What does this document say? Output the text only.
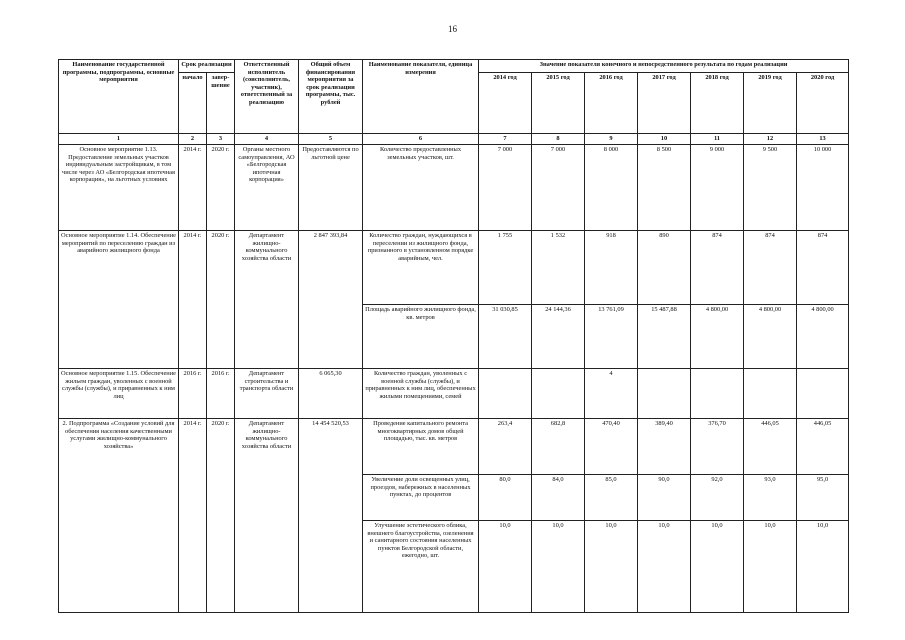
16
Наименование государственной программы, подпрограммы, основные мероприятия	Срок реализации		Ответственный исполнитель (соисполнитель, участник), ответственный за реализацию	Общий объем финансирования мероприятия за срок реализации программы, тыс. рублей	Наименование показателя, единица измерения	Значение показателя конечного и непосредственного результата по годам реализации						
	начало	завер-шение				2014 год	2015 год	2016 год	2017 год	2018 год	2019 год	2020 год
1	2	3	4	5	6	7	8	9	10	11	12	13
Основное мероприятие 1.13. Предоставление земельных участков индивидуальным застройщикам, в том числе через АО «Белгородская ипотечная корпорация», на льготных условиях	2014 г.	2020 г.	Органы местного самоуправления, АО «Белгородская ипотечная корпорация»	Предоставляются по льготной цене	Количество предоставленных земельных участков, шт.	7 000	7 000	8 000	8 500	9 000	9 500	10 000
Основное мероприятие 1.14. Обеспечение мероприятий по переселению граждан из аварийного жилищного фонда	2014 г.	2020 г.	Департамент жилищно-коммунального хозяйства области	2 847 393,84	Количество граждан, нуждающихся в переселении из жилищного фонда, признанного в установленном порядке аварийным, чел.	1 755	1 532	918	890	874	874	874
					Площадь аварийного жилищного фонда, кв. метров	31 030,85	24 144,36	13 761,09	15 487,88	4 800,00	4 800,00	4 800,00
Основное мероприятие 1.15. Обеспечение жильем граждан, уволенных с военной службы (службы), и приравненных к ним лиц	2016 г.	2016 г.	Департамент строительства и транспорта области	6 065,30	Количество граждан, уволенных с военной службы (службы), и приравненных к ним лиц, обеспеченных жилыми помещениями, семей			4				
2. Подпрограмма «Создание условий для обеспечения населения качественными услугами жилищно-коммунального хозяйства»	2014 г.	2020 г.	Департамент жилищно-коммунального хозяйства области	14 454 520,53	Проведение капитального ремонта многоквартирных домов общей площадью, тыс. кв. метров	263,4	682,8	470,40	389,40	376,70	446,05	446,05
					Увеличение доли освещенных улиц, проездов, набережных в населенных пунктах, до процентов	80,0	84,0	85,0	90,0	92,0	93,0	95,0
					Улучшение эстетического облика, внешнего благоустройства, озеленения и санитарного состояния населенных пунктов Белгородской области, ежегодно, шт.	10,0	10,0	10,0	10,0	10,0	10,0	10,0
